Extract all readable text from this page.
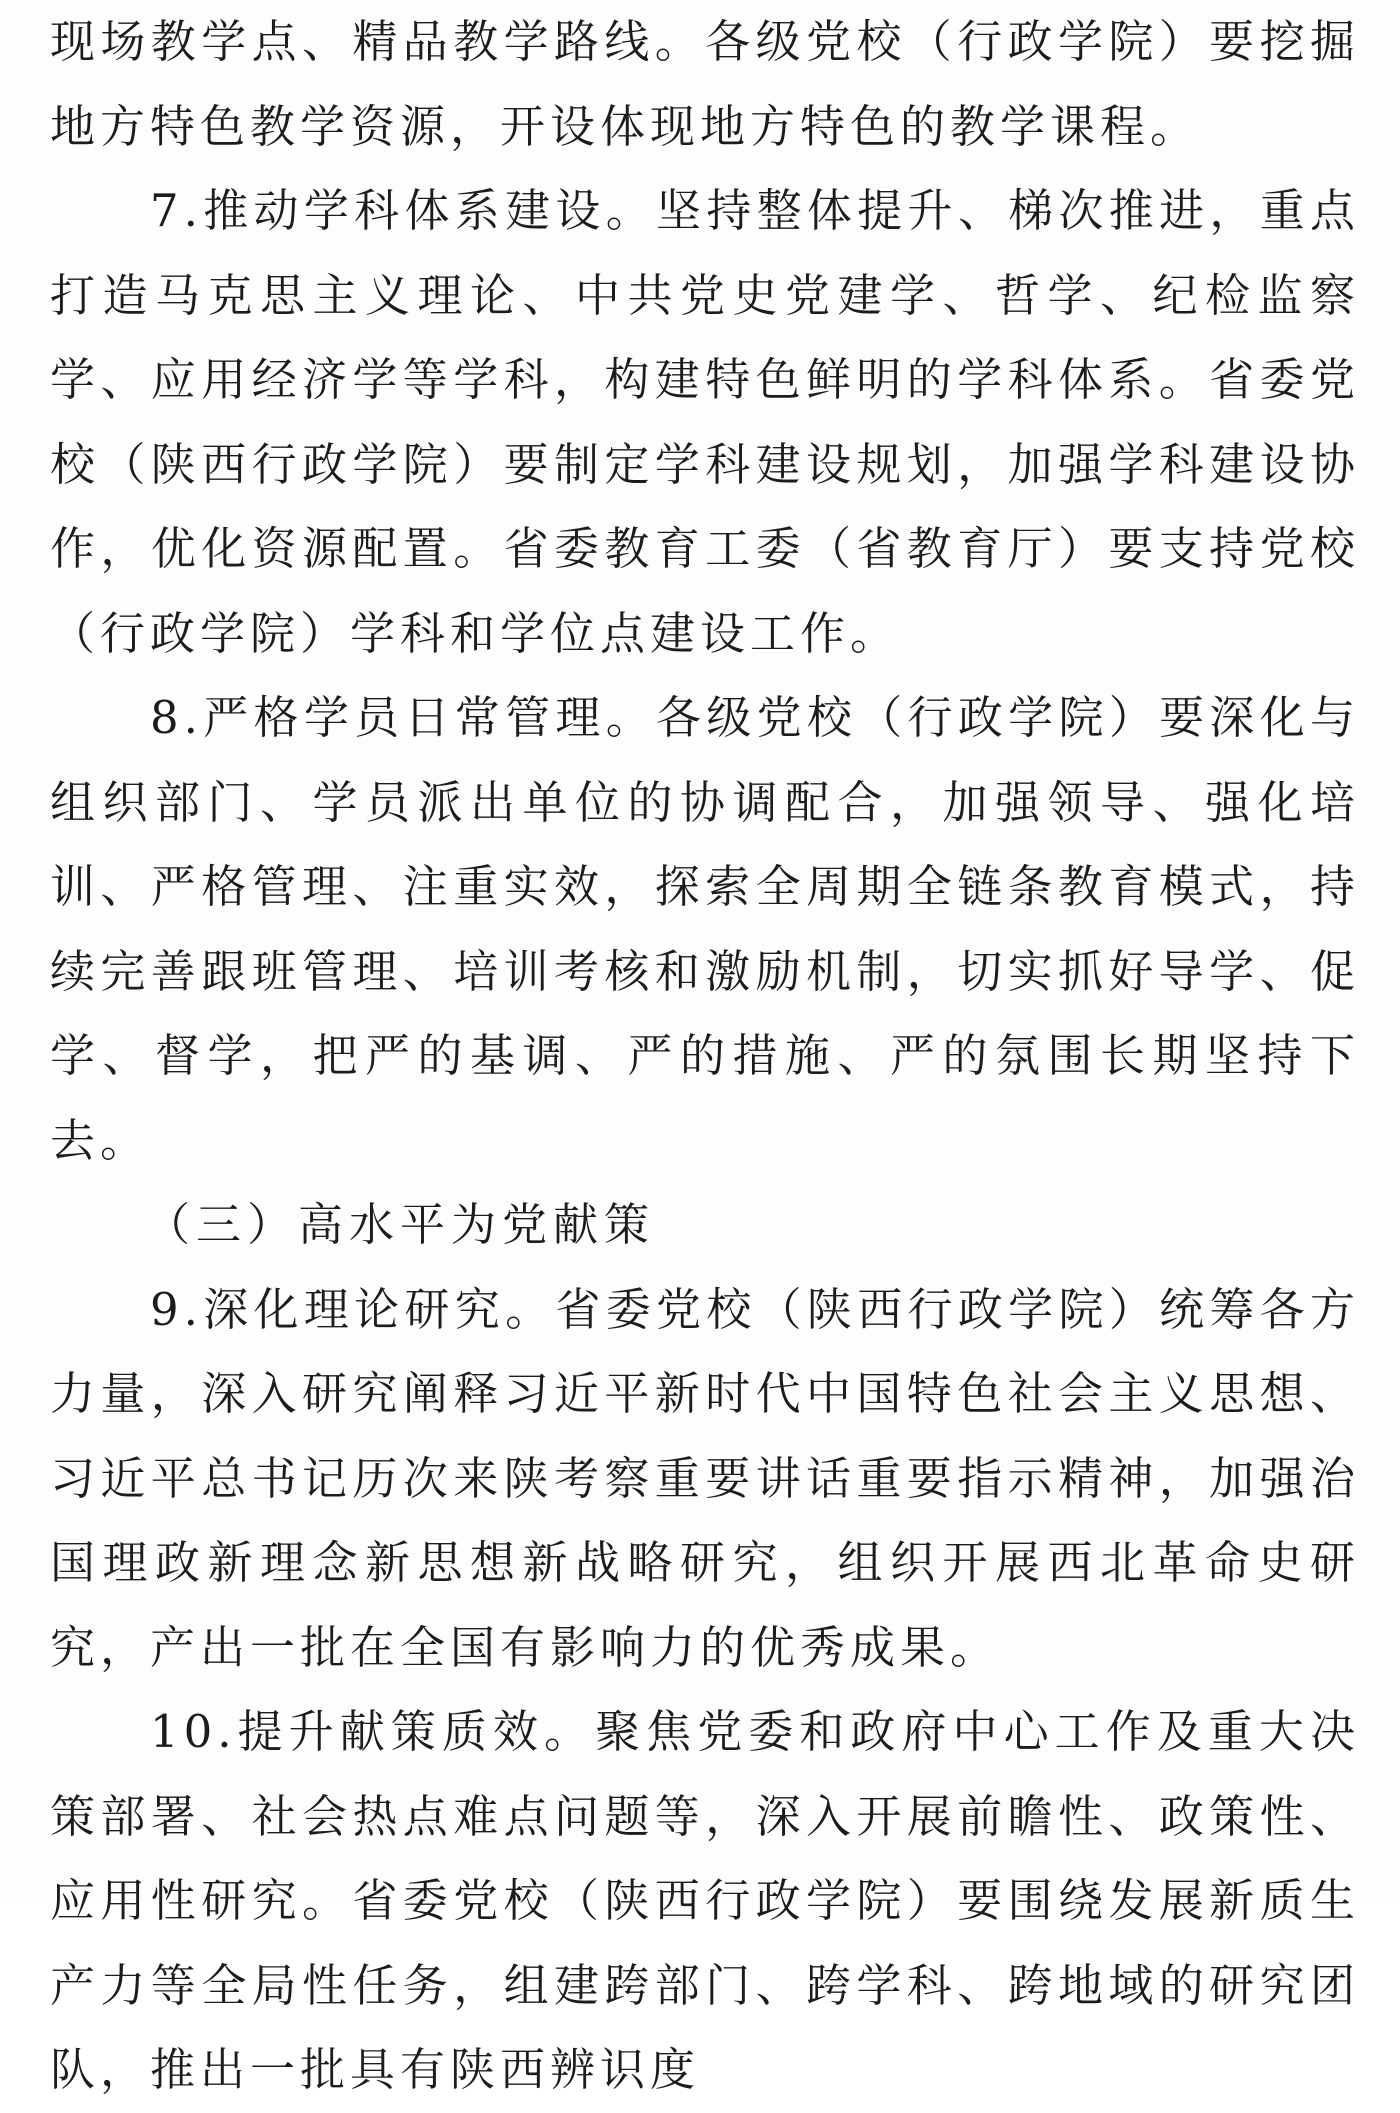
现场教学点、精品教学路线。各级党校（行政学院）要挖掘地方特色教学资源，开设体现地方特色的教学课程。

7.推动学科体系建设。坚持整体提升、梯次推进，重点打造马克思主义理论、中共党史党建学、哲学、纪检监察学、应用经济学等学科，构建特色鲜明的学科体系。省委党校（陕西行政学院）要制定学科建设规划，加强学科建设协作，优化资源配置。省委教育工委（省教育厅）要支持党校（行政学院）学科和学位点建设工作。

8.严格学员日常管理。各级党校（行政学院）要深化与组织部门、学员派出单位的协调配合，加强领导、强化培训、严格管理、注重实效，探索全周期全链条教育模式，持续完善跟班管理、培训考核和激励机制，切实抓好导学、促学、督学，把严的基调、严的措施、严的氛围长期坚持下去。

（三）高水平为党献策

9.深化理论研究。省委党校（陕西行政学院）统筹各方力量，深入研究阐释习近平新时代中国特色社会主义思想、习近平总书记历次来陕考察重要讲话重要指示精神，加强治国理政新理念新思想新战略研究，组织开展西北革命史研究，产出一批在全国有影响力的优秀成果。

10.提升献策质效。聚焦党委和政府中心工作及重大决策部署、社会热点难点问题等，深入开展前瞻性、政策性、应用性研究。省委党校（陕西行政学院）要围绕发展新质生产力等全局性任务，组建跨部门、跨学科、跨地域的研究团队，推出一批具有陕西辨识度
